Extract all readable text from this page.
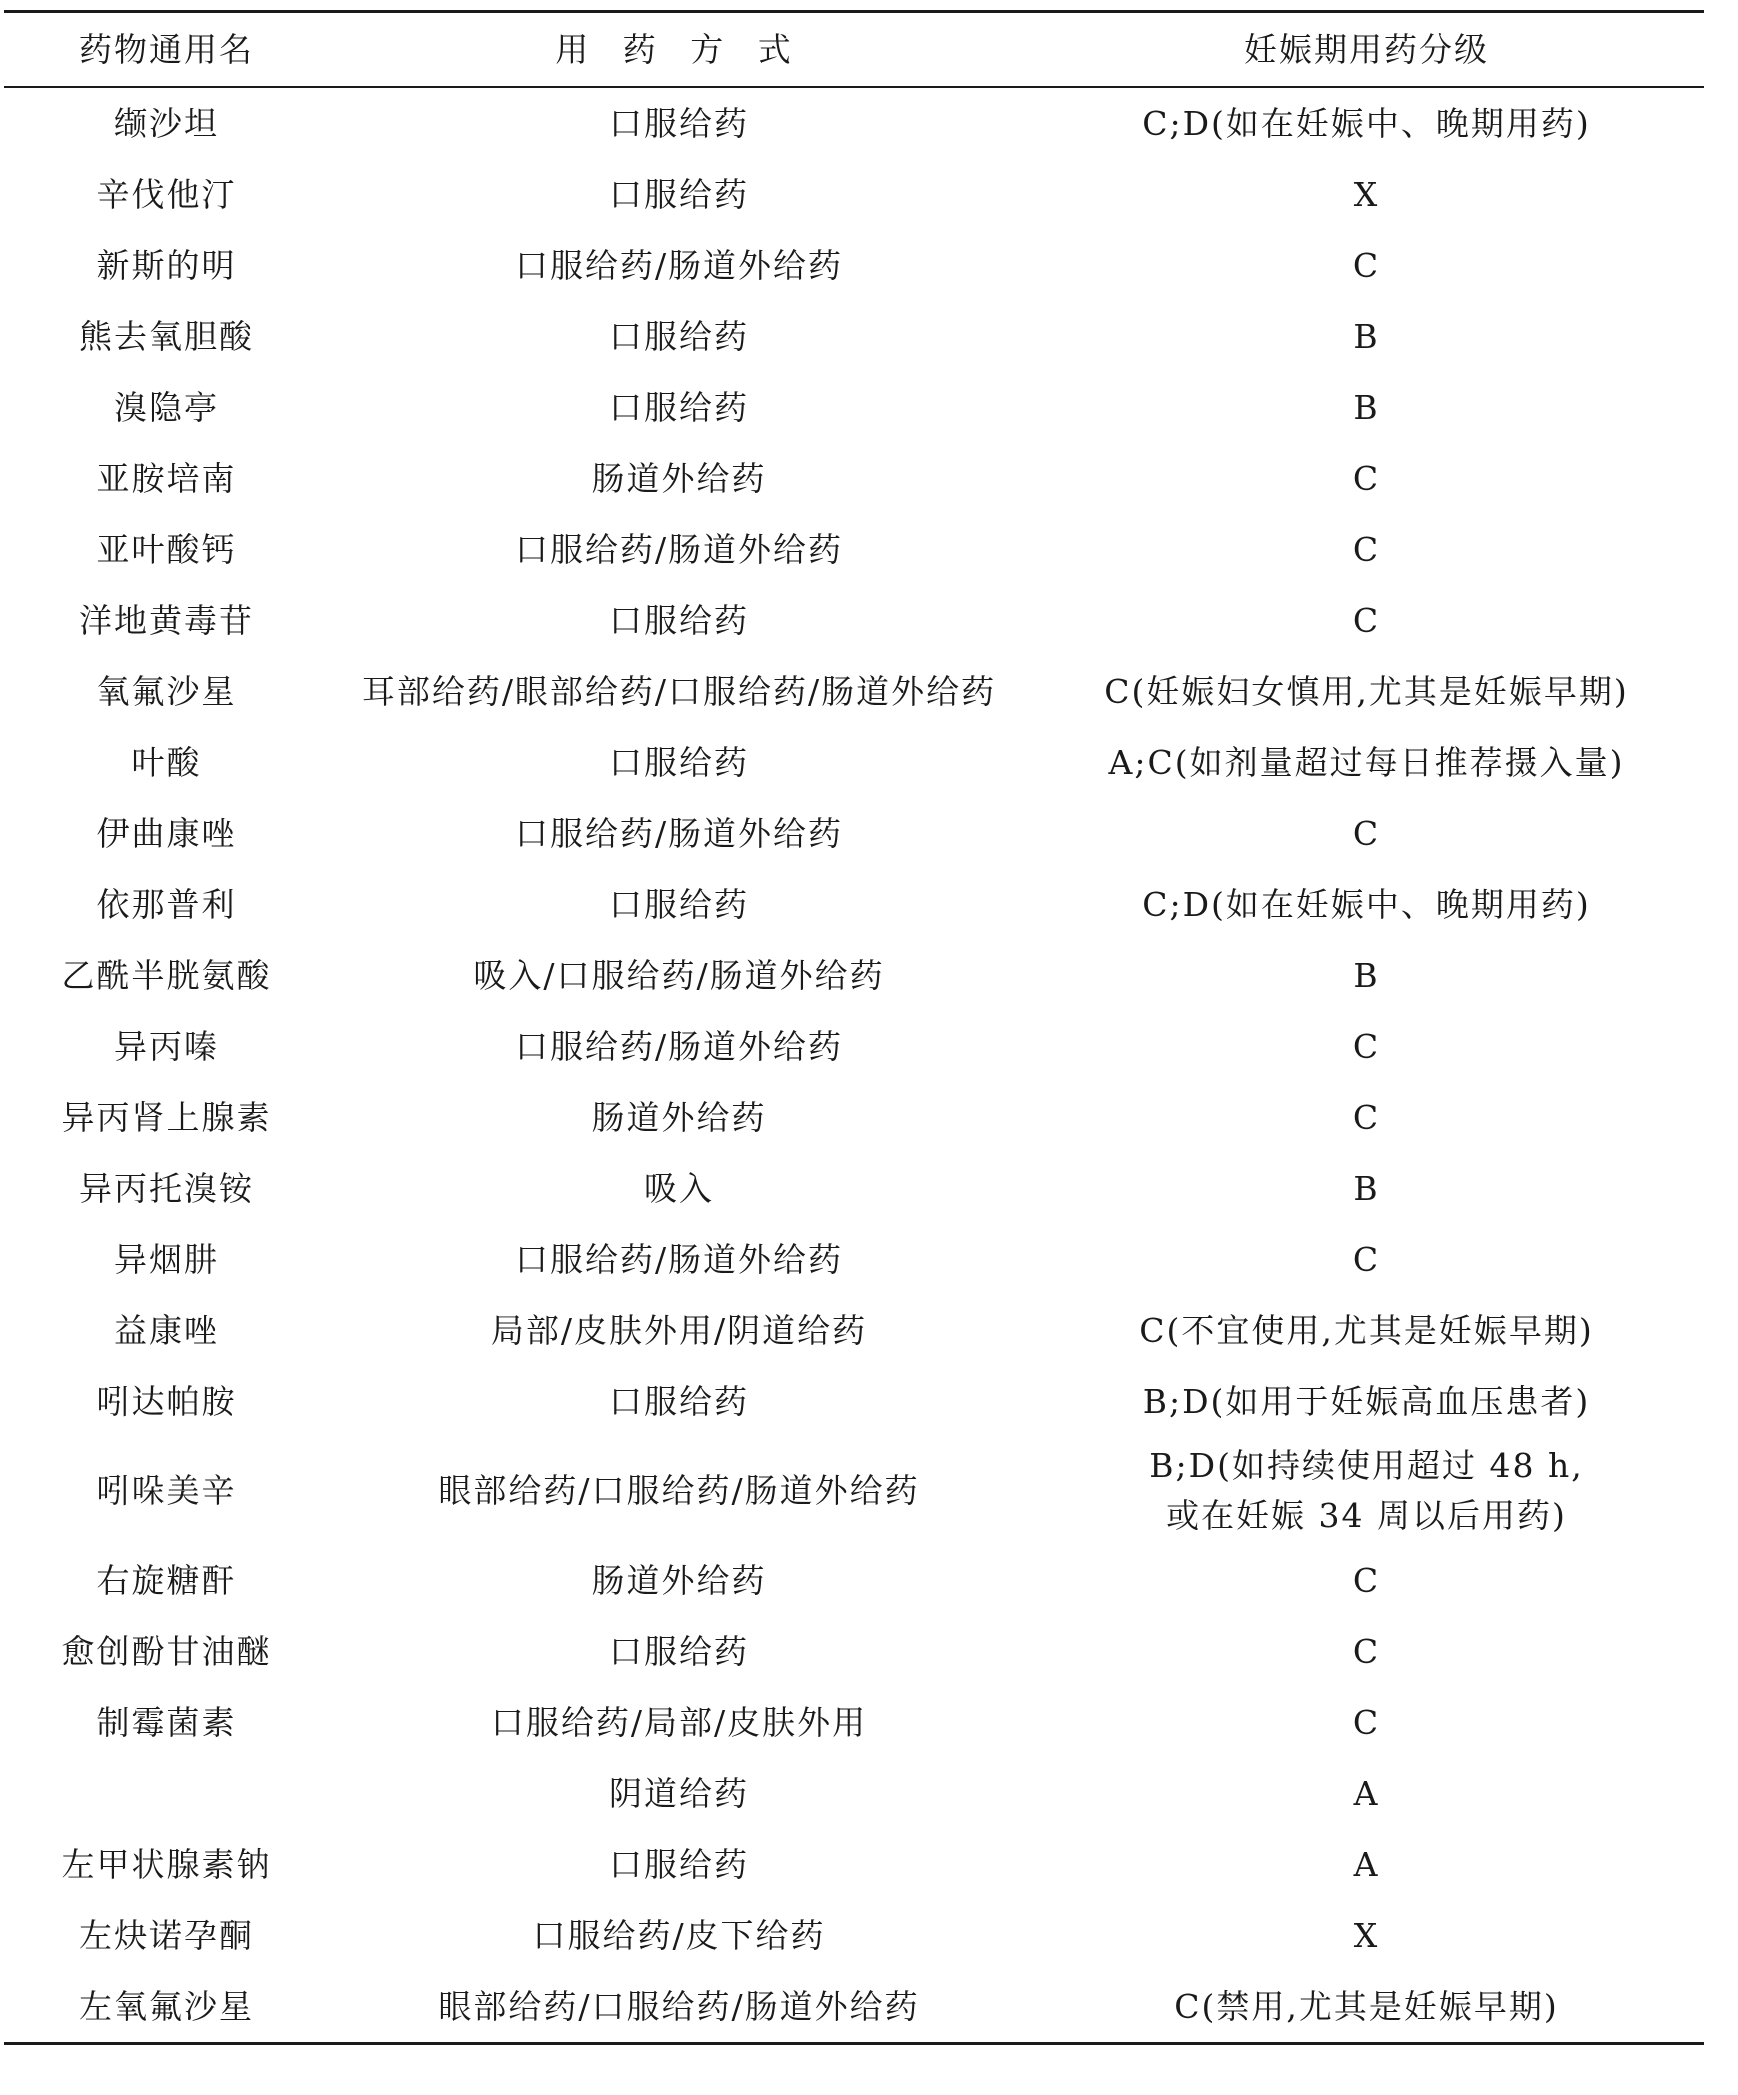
药物通用名	用 药 方 式	妊娠期用药分级
缬沙坦	口服给药	C;D(如在妊娠中、晚期用药)
辛伐他汀	口服给药	X
新斯的明	口服给药/肠道外给药	C
熊去氧胆酸	口服给药	B
溴隐亭	口服给药	B
亚胺培南	肠道外给药	C
亚叶酸钙	口服给药/肠道外给药	C
洋地黄毒苷	口服给药	C
氧氟沙星	耳部给药/眼部给药/口服给药/肠道外给药	C(妊娠妇女慎用,尤其是妊娠早期)
叶酸	口服给药	A;C(如剂量超过每日推荐摄入量)
伊曲康唑	口服给药/肠道外给药	C
依那普利	口服给药	C;D(如在妊娠中、晚期用药)
乙酰半胱氨酸	吸入/口服给药/肠道外给药	B
异丙嗪	口服给药/肠道外给药	C
异丙肾上腺素	肠道外给药	C
异丙托溴铵	吸入	B
异烟肼	口服给药/肠道外给药	C
益康唑	局部/皮肤外用/阴道给药	C(不宜使用,尤其是妊娠早期)
吲达帕胺	口服给药	B;D(如用于妊娠高血压患者)
吲哚美辛	眼部给药/口服给药/肠道外给药	B;D(如持续使用超过 48 h,
或在妊娠 34 周以后用药)

右旋糖酐	肠道外给药	C
愈创酚甘油醚	口服给药	C
制霉菌素	口服给药/局部/皮肤外用	C
	阴道给药	A
左甲状腺素钠	口服给药	A
左炔诺孕酮	口服给药/皮下给药	X
左氧氟沙星	眼部给药/口服给药/肠道外给药	C(禁用,尤其是妊娠早期)
